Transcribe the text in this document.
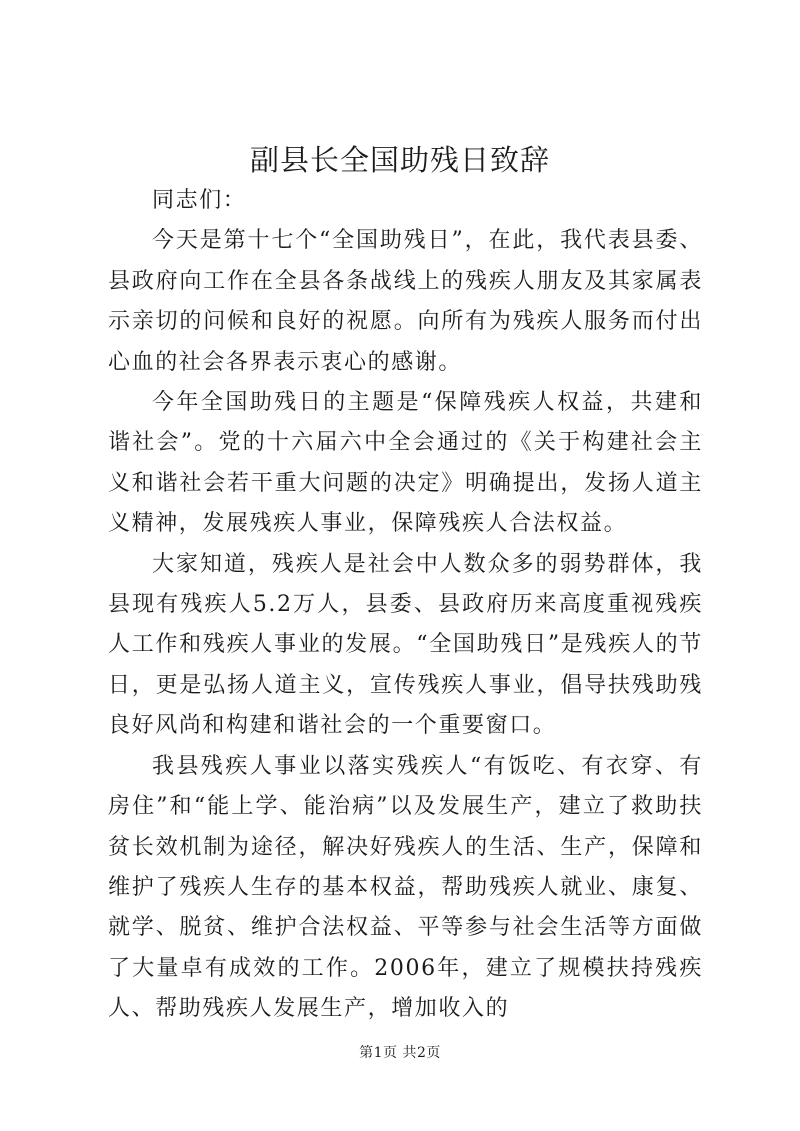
副县长全国助残日致辞
同志们：

今天是第十七个“全国助残日”，在此，我代表县委、县政府向工作在全县各条战线上的残疾人朋友及其家属表示亲切的问候和良好的祝愿。向所有为残疾人服务而付出心血的社会各界表示衷心的感谢。

今年全国助残日的主题是“保障残疾人权益，共建和谐社会”。党的十六届六中全会通过的《关于构建社会主义和谐社会若干重大问题的决定》明确提出，发扬人道主义精神，发展残疾人事业，保障残疾人合法权益。

大家知道，残疾人是社会中人数众多的弱势群体，我县现有残疾人5.2万人，县委、县政府历来高度重视残疾人工作和残疾人事业的发展。“全国助残日”是残疾人的节日，更是弘扬人道主义，宣传残疾人事业，倡导扶残助残良好风尚和构建和谐社会的一个重要窗口。

我县残疾人事业以落实残疾人“有饭吃、有衣穿、有房住”和“能上学、能治病”以及发展生产，建立了救助扶贫长效机制为途径，解决好残疾人的生活、生产，保障和维护了残疾人生存的基本权益，帮助残疾人就业、康复、就学、脱贫、维护合法权益、平等参与社会生活等方面做了大量卓有成效的工作。2006年，建立了规模扶持残疾人、帮助残疾人发展生产，增加收入的

第1页 共2页
